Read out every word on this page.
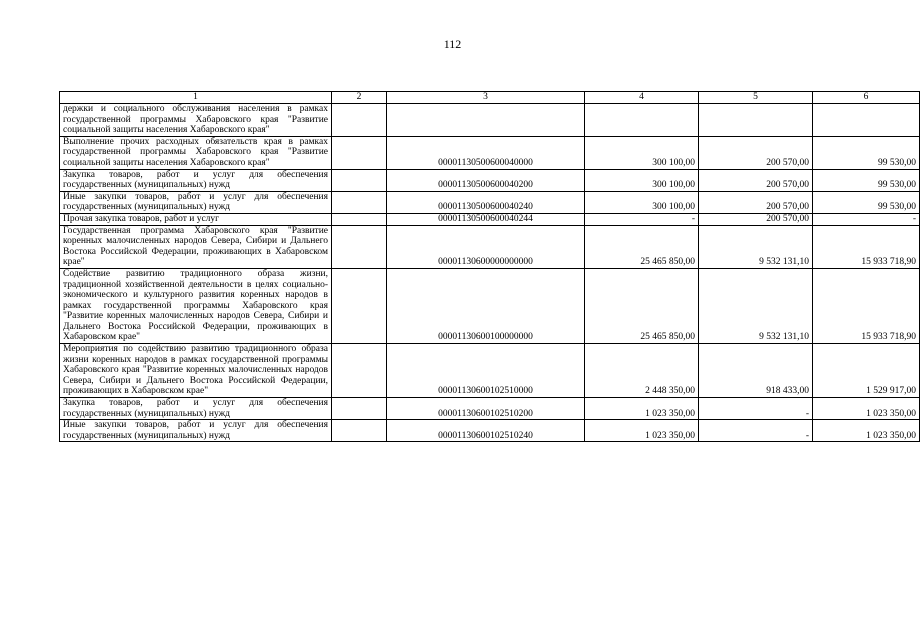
112
1	2	3	4	5	6
держки и социального обслуживания населения в рамках государственной программы Хабаровского края "Развитие социальной защиты населения Хабаровского края"					
Выполнение прочих расходных обязательств края в рамках государственной программы Хабаровского края "Развитие социальной защиты населения Хабаровского края"		00001130500600040000	300 100,00	200 570,00	99 530,00
Закупка товаров, работ и услуг для обеспечения государственных (муниципальных) нужд		00001130500600040200	300 100,00	200 570,00	99 530,00
Иные закупки товаров, работ и услуг для обеспечения государственных (муниципальных) нужд		00001130500600040240	300 100,00	200 570,00	99 530,00
Прочая закупка товаров, работ и услуг		00001130500600040244	-	200 570,00	-
Государственная программа Хабаровского края "Развитие коренных малочисленных народов Севера, Сибири и Дальнего Востока Российской Федерации, проживающих в Хабаровском крае"		00001130600000000000	25 465 850,00	9 532 131,10	15 933 718,90
Содействие развитию традиционного образа жизни, традиционной хозяйственной деятельности в целях социально-экономического и культурного развития коренных народов в рамках государственной программы Хабаровского края "Развитие коренных малочисленных народов Севера, Сибири и Дальнего Востока Российской Федерации, проживающих в Хабаровском крае"		00001130600100000000	25 465 850,00	9 532 131,10	15 933 718,90
Мероприятия по содействию развитию традиционного образа жизни коренных народов в рамках государственной программы Хабаровского края "Развитие коренных малочисленных народов Севера, Сибири и Дальнего Востока Российской Федерации, проживающих в Хабаровском крае"		00001130600102510000	2 448 350,00	918 433,00	1 529 917,00
Закупка товаров, работ и услуг для обеспечения государственных (муниципальных) нужд		00001130600102510200	1 023 350,00	-	1 023 350,00
Иные закупки товаров, работ и услуг для обеспечения государственных (муниципальных) нужд		00001130600102510240	1 023 350,00	-	1 023 350,00
